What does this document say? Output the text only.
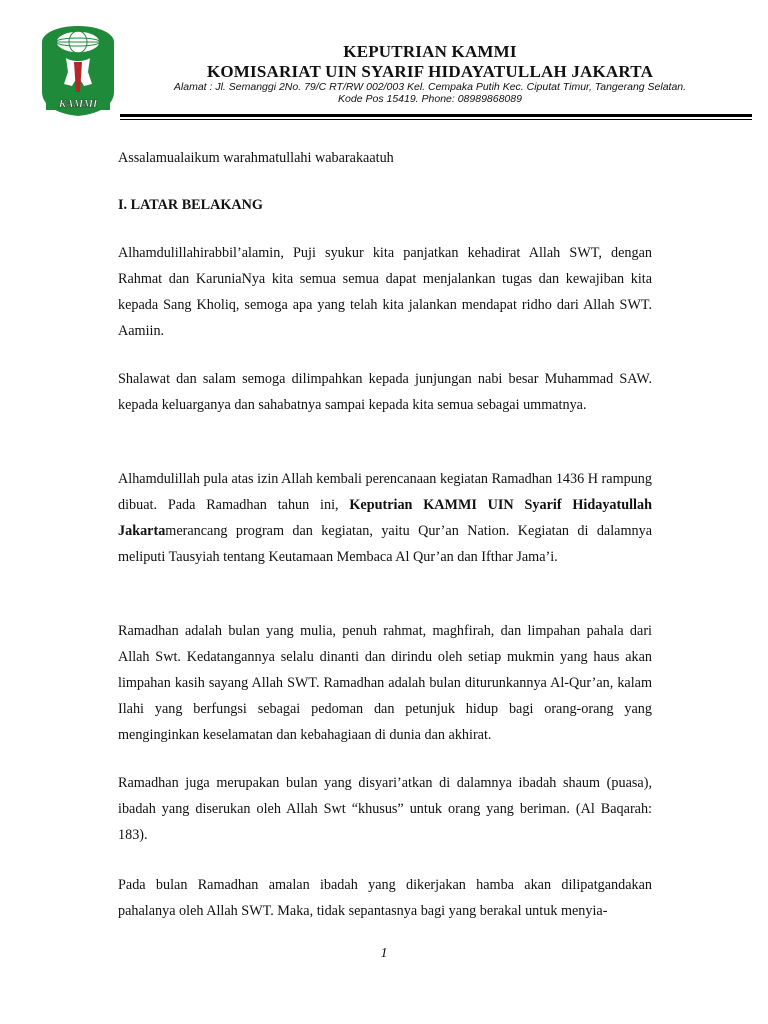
KAMMI
KEPUTRIAN KAMMI
KOMISARIAT UIN SYARIF HIDAYATULLAH JAKARTA
Alamat : Jl. Semanggi 2No. 79/C RT/RW 002/003 Kel. Cempaka Putih Kec. Ciputat Timur, Tangerang Selatan.
Kode Pos 15419. Phone: 08989868089
Assalamualaikum warahmatullahi wabarakaatuh
I. LATAR BELAKANG
Alhamdulillahirabbil’alamin, Puji syukur kita panjatkan kehadirat Allah SWT, dengan Rahmat dan KaruniaNya kita semua semua dapat menjalankan tugas dan kewajiban kita kepada Sang Kholiq, semoga apa yang telah kita jalankan mendapat ridho dari Allah SWT. Aamiin.
Shalawat dan salam semoga dilimpahkan kepada junjungan nabi besar Muhammad SAW. kepada keluarganya dan sahabatnya sampai kepada kita semua sebagai ummatnya.
Alhamdulillah pula atas izin Allah kembali perencanaan kegiatan Ramadhan 1436 H rampung dibuat. Pada Ramadhan tahun ini, Keputrian KAMMI UIN Syarif Hidayatullah Jakartamerancang program dan kegiatan, yaitu Qur’an Nation. Kegiatan di dalamnya meliputi Tausyiah tentang Keutamaan Membaca Al Qur’an dan Ifthar Jama’i.
Ramadhan adalah bulan yang mulia, penuh rahmat, maghfirah, dan limpahan pahala dari Allah Swt. Kedatangannya selalu dinanti dan dirindu oleh setiap mukmin yang haus akan limpahan kasih sayang Allah SWT. Ramadhan adalah bulan diturunkannya Al-Qur’an, kalam Ilahi yang berfungsi sebagai pedoman dan petunjuk hidup bagi orang-orang yang menginginkan keselamatan dan kebahagiaan di dunia dan akhirat.
Ramadhan juga merupakan bulan yang disyari’atkan di dalamnya ibadah shaum (puasa), ibadah yang diserukan oleh Allah Swt “khusus” untuk orang yang beriman. (Al Baqarah: 183).
Pada bulan Ramadhan amalan ibadah yang dikerjakan hamba akan dilipatgandakan pahalanya oleh Allah SWT. Maka, tidak sepantasnya bagi yang berakal untuk menyia-
1
